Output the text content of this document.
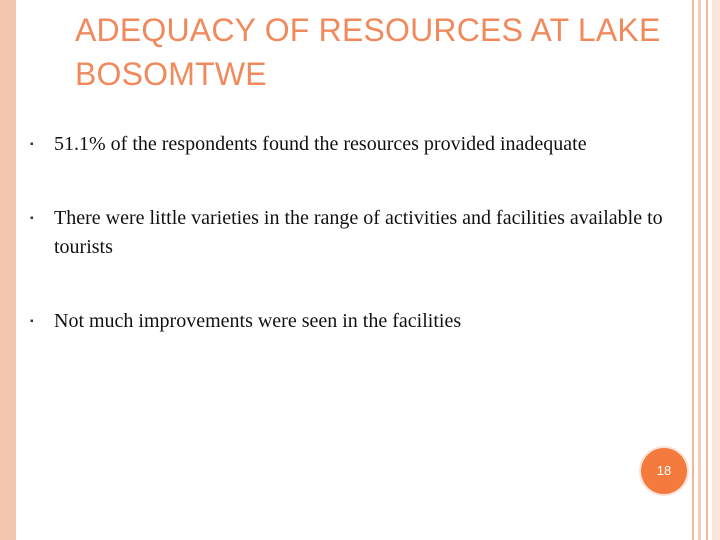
ADEQUACY OF RESOURCES AT LAKE BOSOMTWE
▪ 51.1% of the respondents found the resources provided inadequate
▪ There were little varieties in the range of activities and facilities available to tourists
▪ Not much improvements were seen in the facilities
18
